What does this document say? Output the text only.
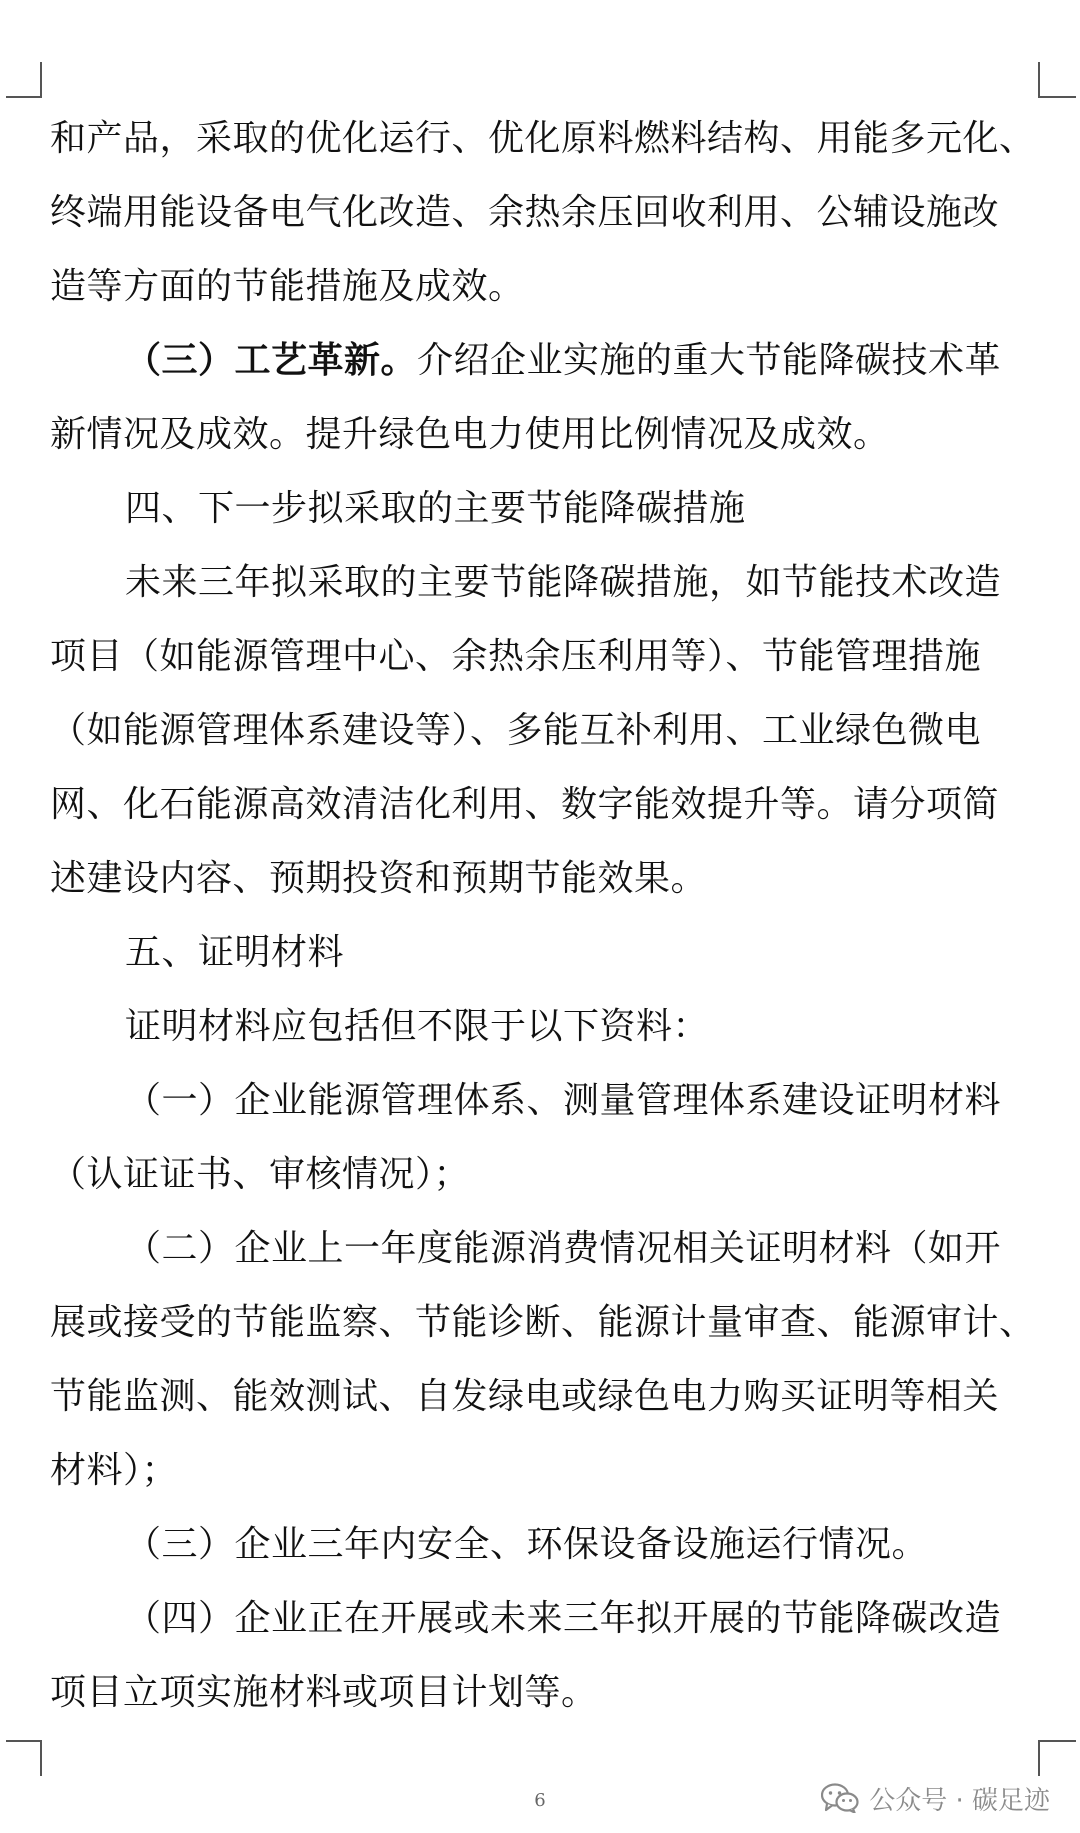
和产品，采取的优化运行、优化原料燃料结构、用能多元化、
终端用能设备电气化改造、余热余压回收利用、公辅设施改
造等方面的节能措施及成效。
（三）工艺革新。介绍企业实施的重大节能降碳技术革
新情况及成效。提升绿色电力使用比例情况及成效。
四、下一步拟采取的主要节能降碳措施
未来三年拟采取的主要节能降碳措施，如节能技术改造
项目（如能源管理中心、余热余压利用等）、节能管理措施
（如能源管理体系建设等）、多能互补利用、工业绿色微电
网、化石能源高效清洁化利用、数字能效提升等。请分项简
述建设内容、预期投资和预期节能效果。
五、证明材料
证明材料应包括但不限于以下资料：
（一）企业能源管理体系、测量管理体系建设证明材料
（认证证书、审核情况）；
（二）企业上一年度能源消费情况相关证明材料（如开
展或接受的节能监察、节能诊断、能源计量审查、能源审计、
节能监测、能效测试、自发绿电或绿色电力购买证明等相关
材料）；
（三）企业三年内安全、环保设备设施运行情况。
（四）企业正在开展或未来三年拟开展的节能降碳改造
项目立项实施材料或项目计划等。
6	公众号 · 碳足迹
